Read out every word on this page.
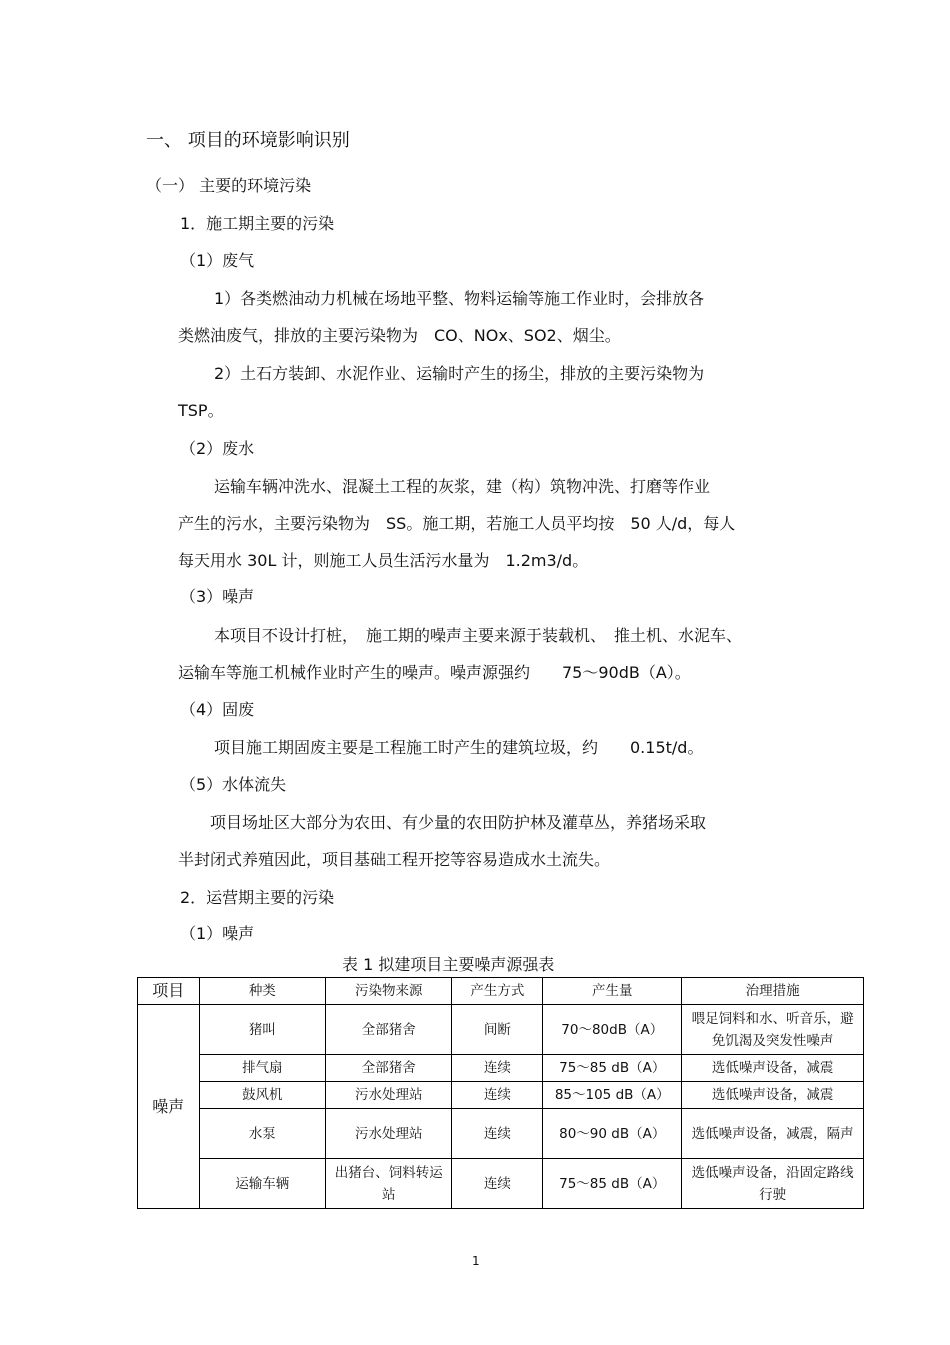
一、 项目的环境影响识别
（一） 主要的环境污染
1．施工期主要的污染
（1）废气
1）各类燃油动力机械在场地平整、物料运输等施工作业时，会排放各
类燃油废气，排放的主要污染物为　CO、NOx、SO2、烟尘。
2）土石方装卸、水泥作业、运输时产生的扬尘，排放的主要污染物为
TSP。
（2）废水
运输车辆冲洗水、混凝土工程的灰浆，建（构）筑物冲洗、打磨等作业
产生的污水，主要污染物为　SS。施工期，若施工人员平均按　50 人/d，每人
每天用水 30L 计，则施工人员生活污水量为　1.2m3/d。
（3）噪声
本项目不设计打桩，　施工期的噪声主要来源于装载机、　推土机、水泥车、
运输车等施工机械作业时产生的噪声。噪声源强约　　75～90dB（A）。
（4）固废
项目施工期固废主要是工程施工时产生的建筑垃圾，约　　0.15t/d。
（5）水体流失
项目场址区大部分为农田、有少量的农田防护林及灌草丛，养猪场采取
半封闭式养殖因此，项目基础工程开挖等容易造成水土流失。
2．运营期主要的污染
（1）噪声
表 1 拟建项目主要噪声源强表
项目	种类	污染物来源	产生方式	产生量	治理措施
噪声	猪叫	全部猪舍	间断	70～80dB（A）	喂足饲料和水、听音乐，避免饥渴及突发性噪声
	排气扇	全部猪舍	连续	75～85 dB（A）	选低噪声设备，减震
	鼓风机	污水处理站	连续	85～105 dB（A）	选低噪声设备，减震
	水泵	污水处理站	连续	80～90 dB（A）	选低噪声设备，减震，隔声
	运输车辆	出猪台、饲料转运站	连续	75～85 dB（A）	选低噪声设备，沿固定路线行驶
1
